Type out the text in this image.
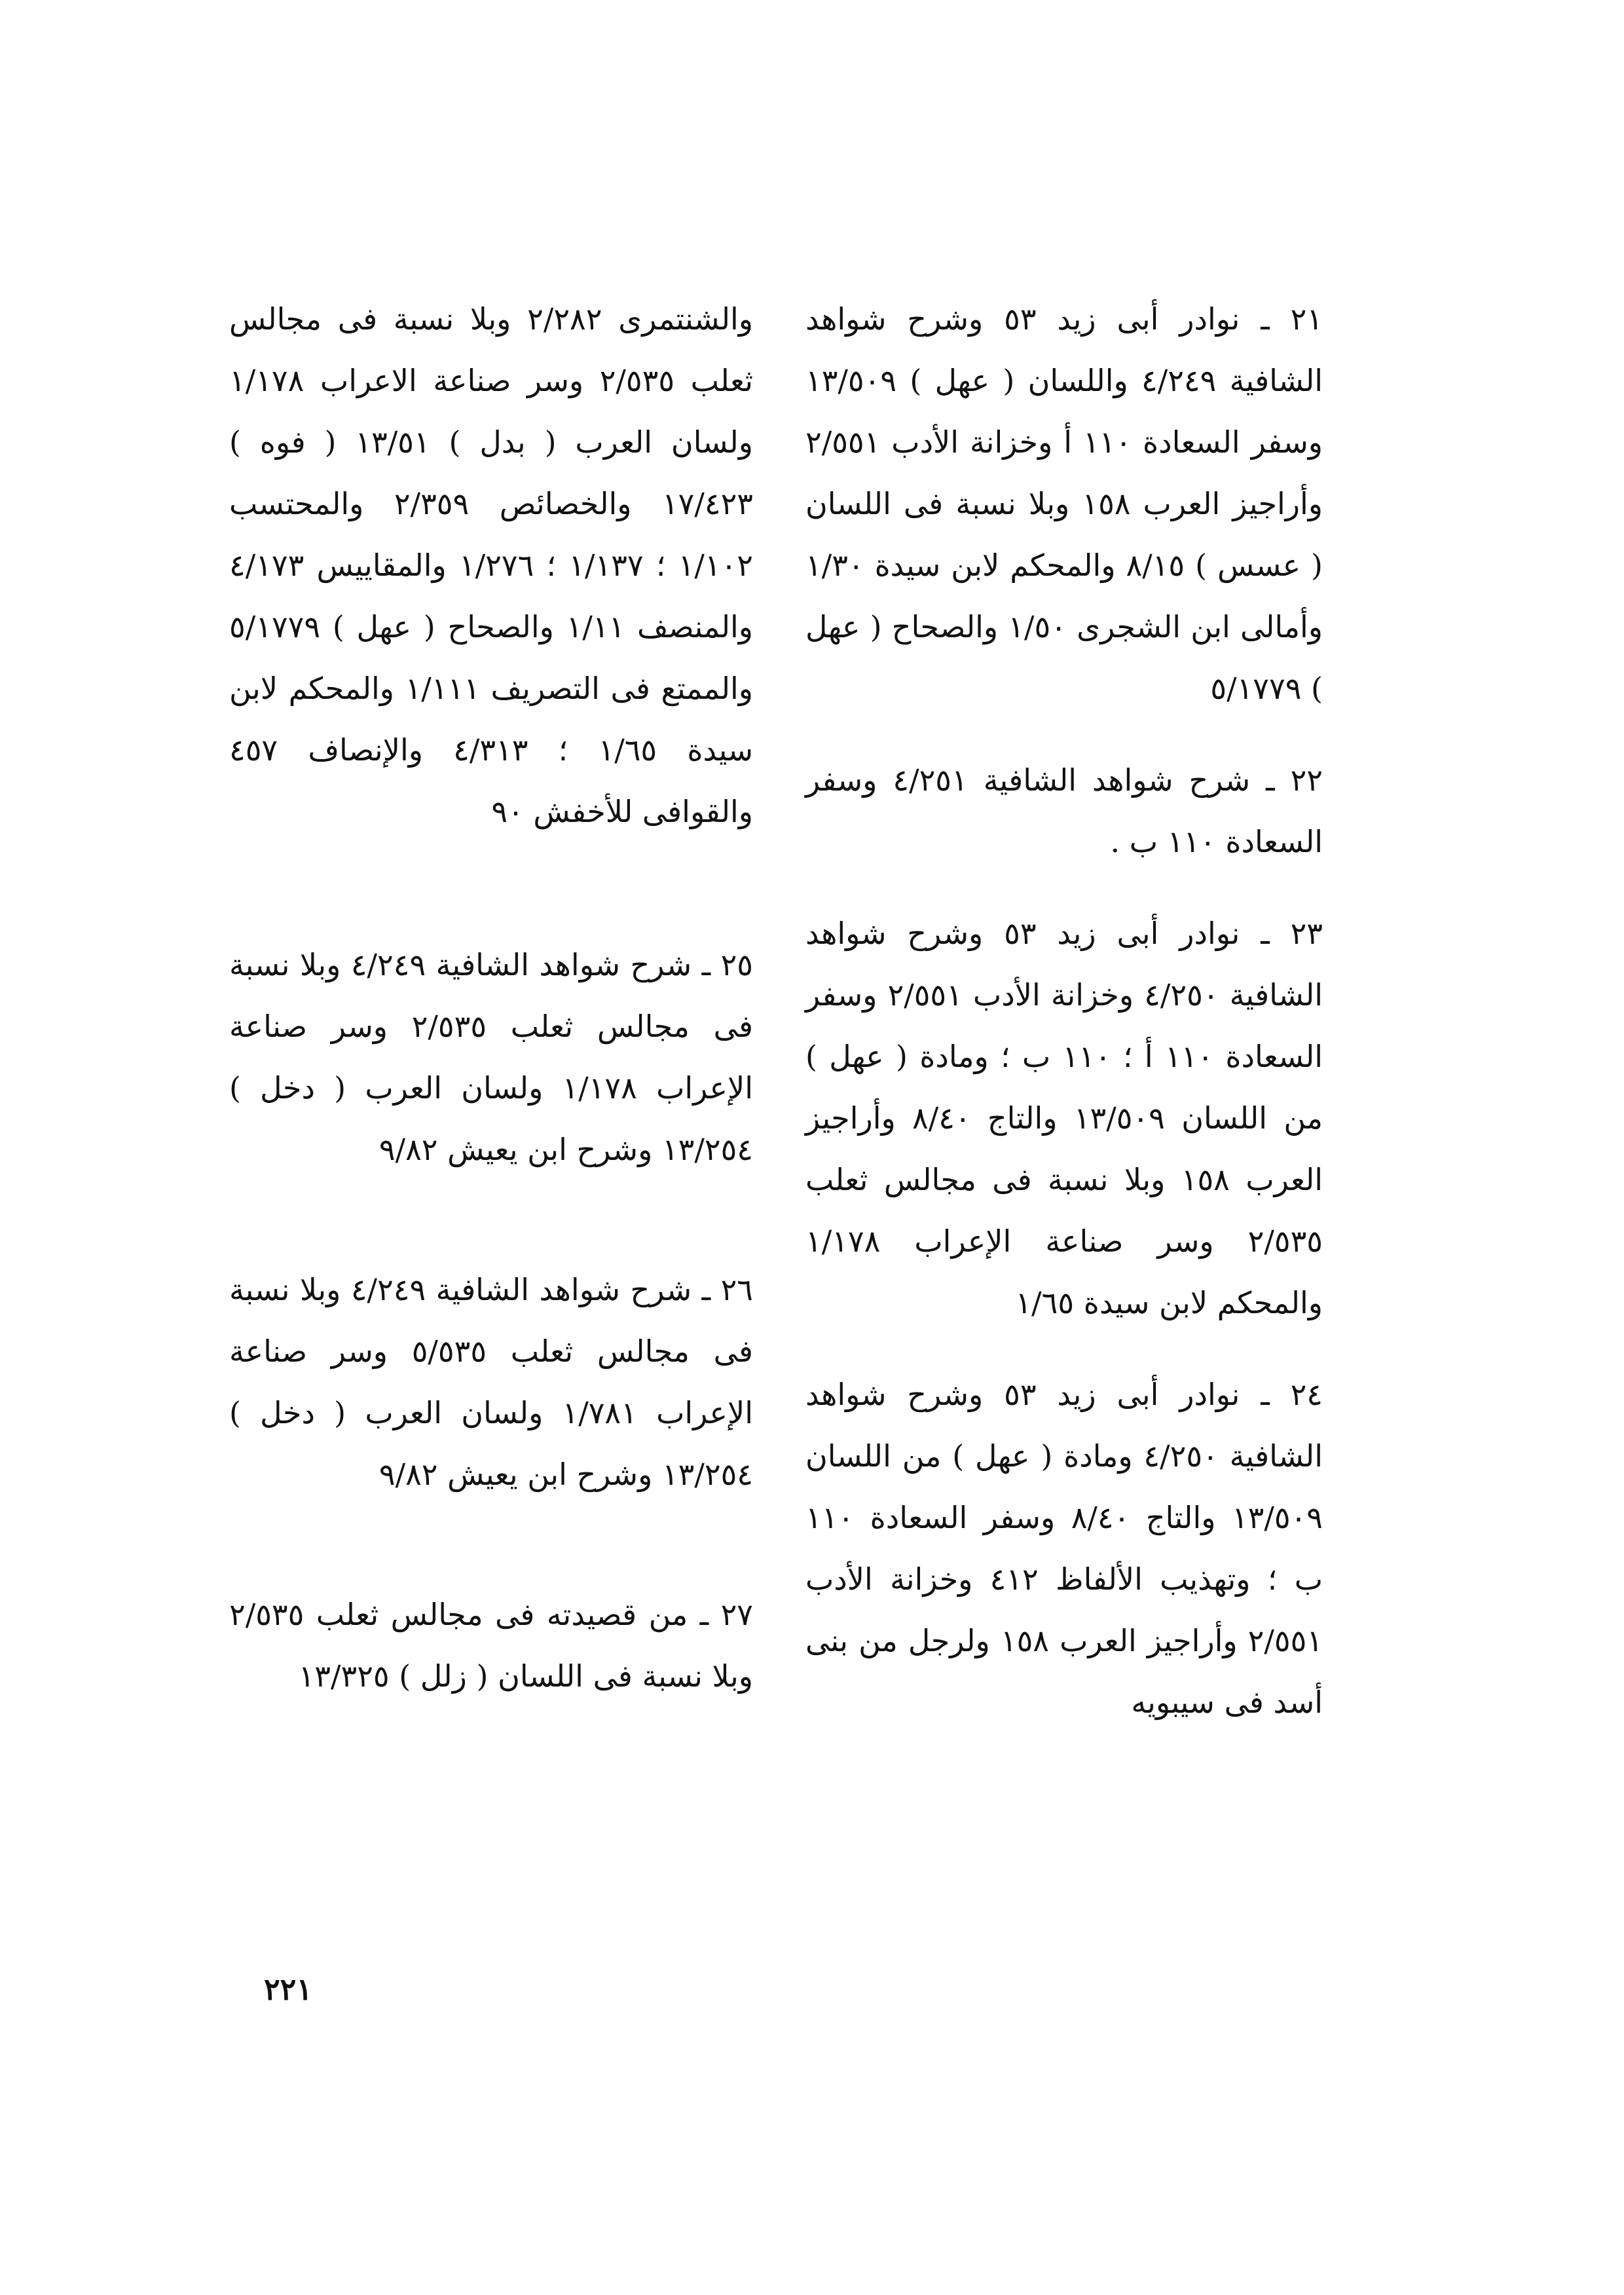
٢١ ـ نوادر أبى زيد ٥٣ وشرح شواهد الشافية ٤/٢٤٩ واللسان ( عهل ) ١٣/٥٠٩ وسفر السعادة ١١٠ أ وخزانة الأدب ٢/٥٥١ وأراجيز العرب ١٥٨ وبلا نسبة فى اللسان ( عسس ) ٨/١٥ والمحكم لابن سيدة ١/٣٠ وأمالى ابن الشجرى ١/٥٠ والصحاح ( عهل ) ٥/١٧٧٩

٢٢ ـ شرح شواهد الشافية ٤/٢٥١ وسفر السعادة ١١٠ ب .

٢٣ ـ نوادر أبى زيد ٥٣ وشرح شواهد الشافية ٤/٢٥٠ وخزانة الأدب ٢/٥٥١ وسفر السعادة ١١٠ أ ؛ ١١٠ ب ؛ ومادة ( عهل ) من اللسان ١٣/٥٠٩ والتاج ٨/٤٠ وأراجيز العرب ١٥٨ وبلا نسبة فى مجالس ثعلب ٢/٥٣٥ وسر صناعة الإعراب ١/١٧٨ والمحكم لابن سيدة ١/٦٥

٢٤ ـ نوادر أبى زيد ٥٣ وشرح شواهد الشافية ٤/٢٥٠ ومادة ( عهل ) من اللسان ١٣/٥٠٩ والتاج ٨/٤٠ وسفر السعادة ١١٠ ب ؛ وتهذيب الألفاظ ٤١٢ وخزانة الأدب ٢/٥٥١ وأراجيز العرب ١٥٨ ولرجل من بنى أسد فى سيبويه

والشنتمرى ٢/٢٨٢ وبلا نسبة فى مجالس ثعلب ٢/٥٣٥ وسر صناعة الاعراب ١/١٧٨ ولسان العرب ( بدل ) ١٣/٥١ ( فوه ) ١٧/٤٢٣ والخصائص ٢/٣٥٩ والمحتسب ١/١٠٢ ؛ ١/١٣٧ ؛ ١/٢٧٦ والمقاييس ٤/١٧٣ والمنصف ١/١١ والصحاح ( عهل ) ٥/١٧٧٩ والممتع فى التصريف ١/١١١ والمحكم لابن سيدة ١/٦٥ ؛ ٤/٣١٣ والإنصاف ٤٥٧ والقوافى للأخفش ٩٠

٢٥ ـ شرح شواهد الشافية ٤/٢٤٩ وبلا نسبة فى مجالس ثعلب ٢/٥٣٥ وسر صناعة الإعراب ١/١٧٨ ولسان العرب ( دخل ) ١٣/٢٥٤ وشرح ابن يعيش ٩/٨٢

٢٦ ـ شرح شواهد الشافية ٤/٢٤٩ وبلا نسبة فى مجالس ثعلب ٥/٥٣٥ وسر صناعة الإعراب ١/٧٨١ ولسان العرب ( دخل ) ١٣/٢٥٤ وشرح ابن يعيش ٩/٨٢

٢٧ ـ من قصيدته فى مجالس ثعلب ٢/٥٣٥ وبلا نسبة فى اللسان ( زلل ) ١٣/٣٢٥

٢٢١
